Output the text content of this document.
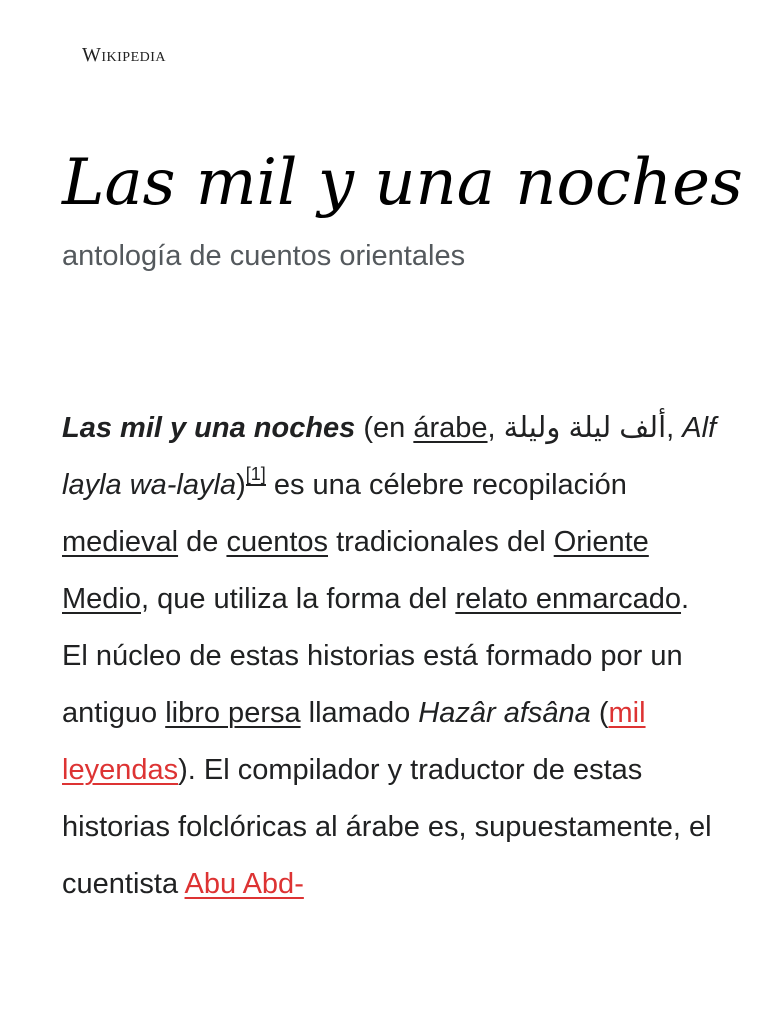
Wikipedia
Las mil y una noches
antología de cuentos orientales

Las mil y una noches (en árabe, ألف ليلة وليلة, Alf layla wa-layla)[1] es una célebre recopilación medieval de cuentos tradicionales del Oriente Medio, que utiliza la forma del relato enmarcado. El núcleo de estas historias está formado por un antiguo libro persa llamado Hazâr afsâna (mil leyendas). El compilador y traductor de estas historias folclóricas al árabe es, supuestamente, el cuentista Abu Abd-
